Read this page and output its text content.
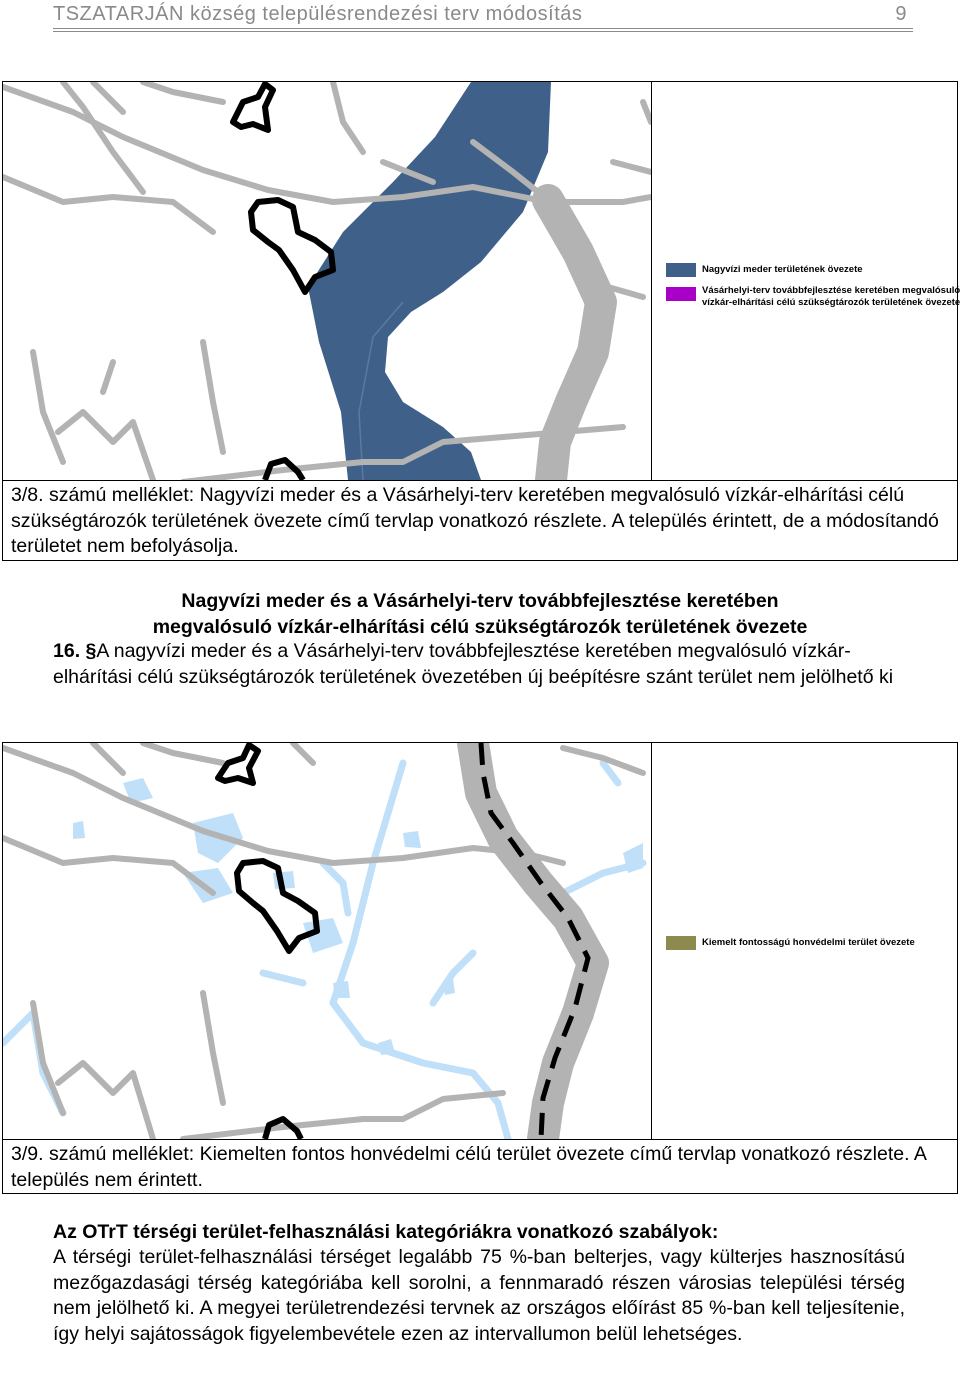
TSZATARJÁN község településrendezési terv módosítás	9
Nagyvízi meder területének övezete
Vásárhelyi-terv továbbfejlesztése keretében megvalósuló
vízkár-elhárítási célú szükségtározók területének övezete
3/8. számú melléklet: Nagyvízi meder és a Vásárhelyi-terv keretében megvalósuló vízkár-elhárítási célú szükségtározók területének övezete című tervlap vonatkozó részlete. A település érintett, de a módosítandó területet nem befolyásolja.
Nagyvízi meder és a Vásárhelyi-terv továbbfejlesztése keretében
megvalósuló vízkár-elhárítási célú szükségtározók területének övezete
16. §A nagyvízi meder és a Vásárhelyi-terv továbbfejlesztése keretében megvalósuló vízkár-elhárítási célú szükségtározók területének övezetében új beépítésre szánt terület nem jelölhető ki
Kiemelt fontosságú honvédelmi terület övezete
3/9. számú melléklet: Kiemelten fontos honvédelmi célú terület övezete című tervlap vonatkozó részlete. A település nem érintett.
Az OTrT térségi terület-felhasználási kategóriákra vonatkozó szabályok:
A térségi terület-felhasználási térséget legalább 75 %-ban belterjes, vagy külterjes hasznosítású mezőgazdasági térség kategóriába kell sorolni, a fennmaradó részen városias települési térség nem jelölhető ki. A megyei területrendezési tervnek az országos előírást 85 %-ban kell teljesítenie, így helyi sajátosságok figyelembevétele ezen az intervallumon belül lehetséges.
